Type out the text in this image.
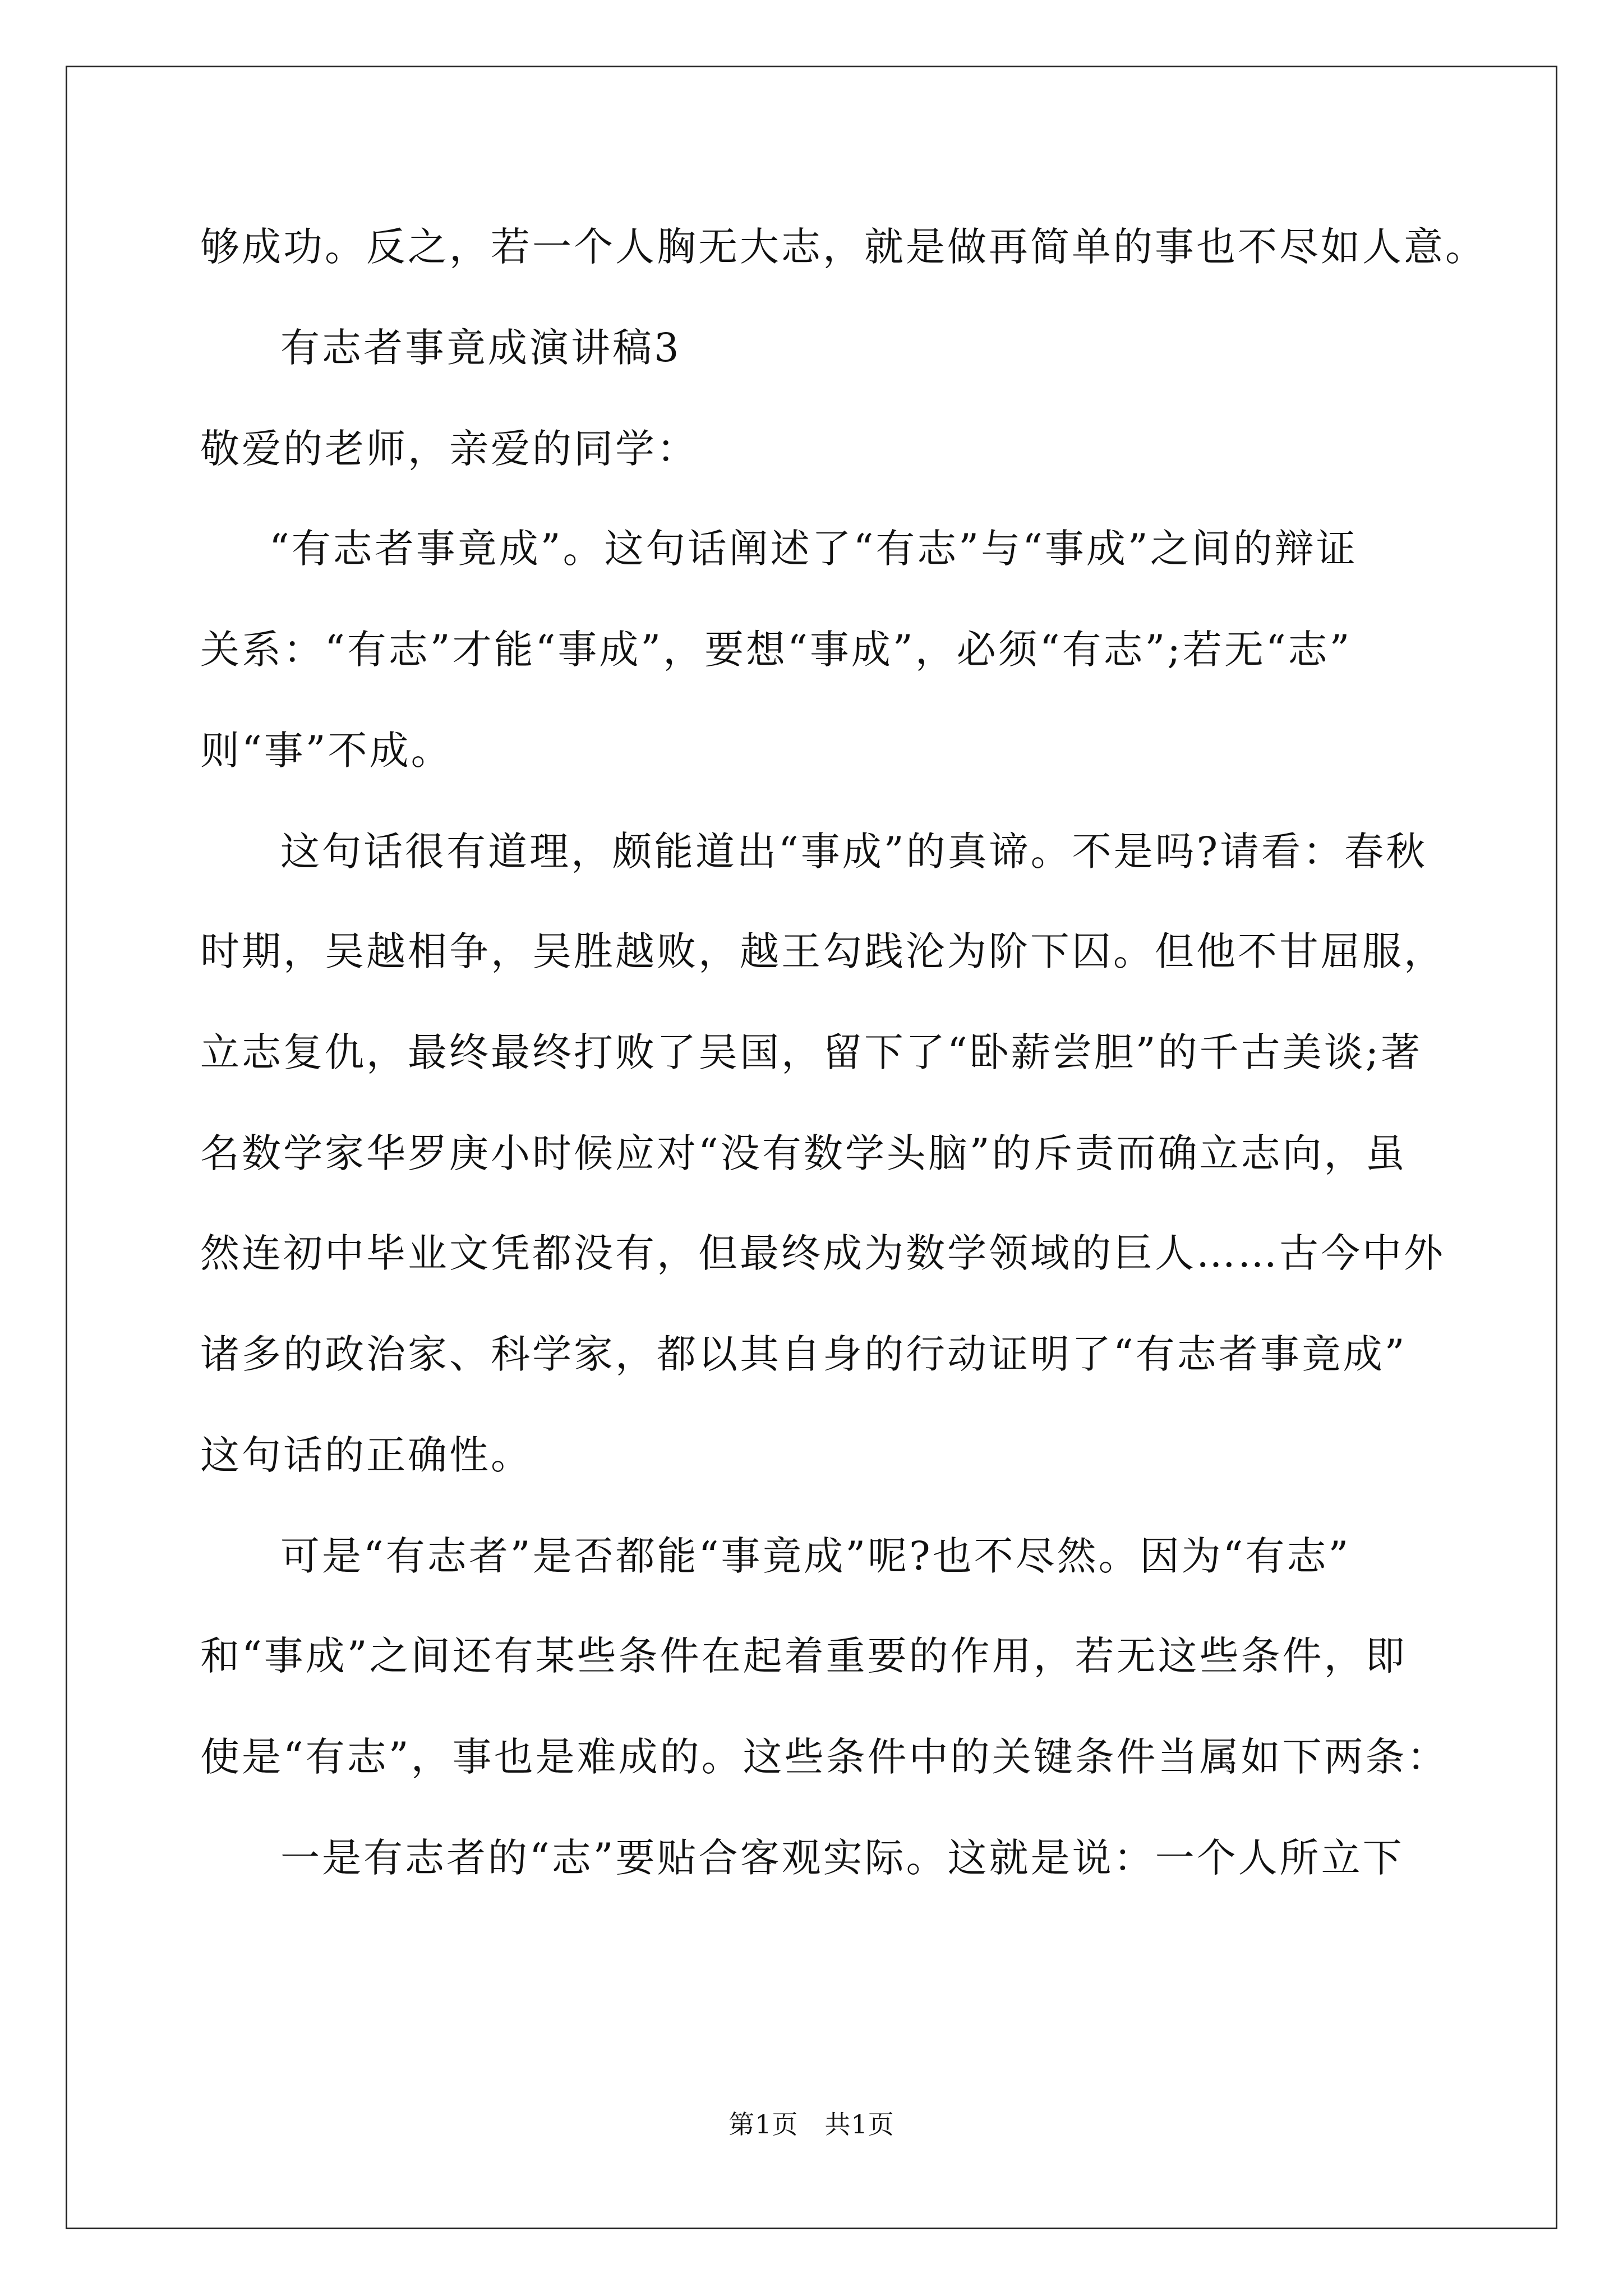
够成功。反之，若一个人胸无大志，就是做再简单的事也不尽如人意。
有志者事竟成演讲稿3
敬爱的老师，亲爱的同学：
“有志者事竟成”。这句话阐述了“有志”与“事成”之间的辩证
关系：“有志”才能“事成”，要想“事成”，必须“有志”;若无“志”
则“事”不成。
这句话很有道理，颇能道出“事成”的真谛。不是吗?请看：春秋
时期，吴越相争，吴胜越败，越王勾践沦为阶下囚。但他不甘屈服，
立志复仇，最终最终打败了吴国，留下了“卧薪尝胆”的千古美谈;著
名数学家华罗庚小时候应对“没有数学头脑”的斥责而确立志向，虽
然连初中毕业文凭都没有，但最终成为数学领域的巨人……古今中外
诸多的政治家、科学家，都以其自身的行动证明了“有志者事竟成”
这句话的正确性。
可是“有志者”是否都能“事竟成”呢?也不尽然。因为“有志”
和“事成”之间还有某些条件在起着重要的作用，若无这些条件，即
使是“有志”，事也是难成的。这些条件中的关键条件当属如下两条：
一是有志者的“志”要贴合客观实际。这就是说：一个人所立下
第1页　共1页
